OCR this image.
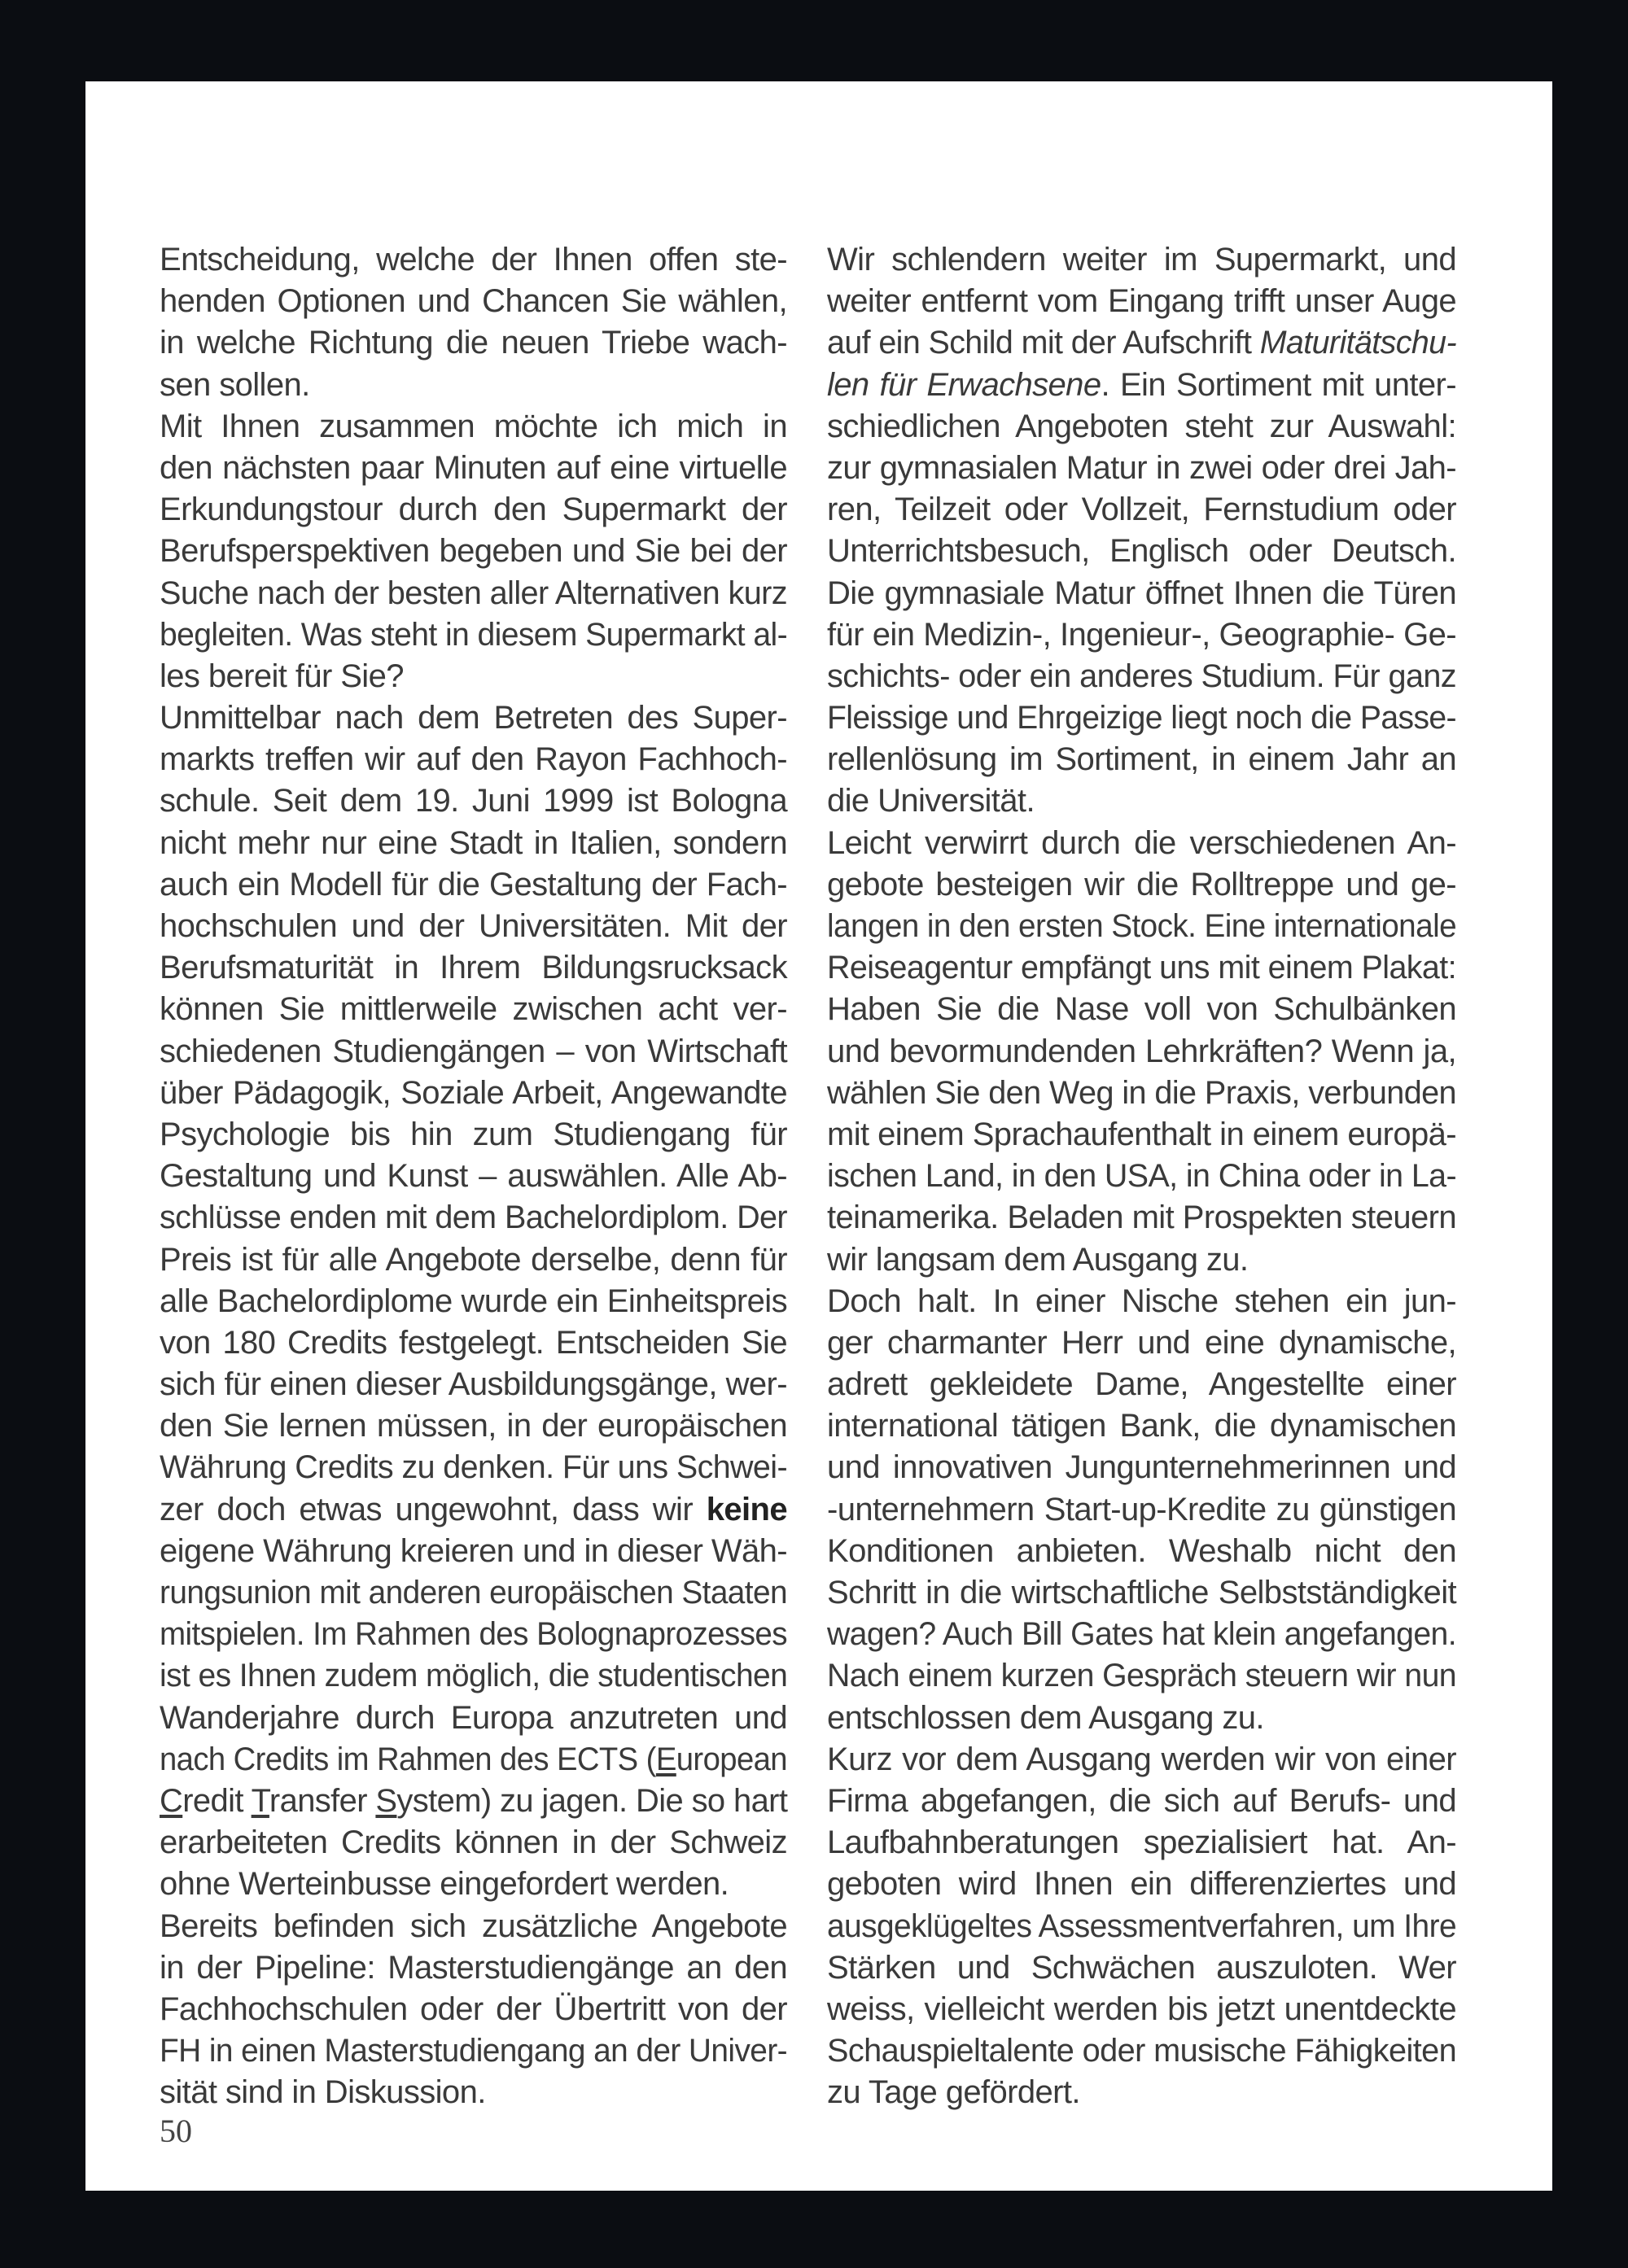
Entscheidung, welche der Ihnen offen ste-
henden Optionen und Chancen Sie wählen,
in welche Richtung die neuen Triebe wach-
sen sollen.
Mit Ihnen zusammen möchte ich mich in
den nächsten paar Minuten auf eine virtuelle
Erkundungstour durch den Supermarkt der
Berufsperspektiven begeben und Sie bei der
Suche nach der besten aller Alternativen kurz
begleiten. Was steht in diesem Supermarkt al-
les bereit für Sie?
Unmittelbar nach dem Betreten des Super-
markts treffen wir auf den Rayon Fachhoch-
schule. Seit dem 19. Juni 1999 ist Bologna
nicht mehr nur eine Stadt in Italien, sondern
auch ein Modell für die Gestaltung der Fach-
hochschulen und der Universitäten. Mit der
Berufsmaturität in Ihrem Bildungsrucksack
können Sie mittlerweile zwischen acht ver-
schiedenen Studiengängen – von Wirtschaft
über Pädagogik, Soziale Arbeit, Angewandte
Psychologie bis hin zum Studiengang für
Gestaltung und Kunst – auswählen. Alle Ab-
schlüsse enden mit dem Bachelordiplom. Der
Preis ist für alle Angebote derselbe, denn für
alle Bachelordiplome wurde ein Einheitspreis
von 180 Credits festgelegt. Entscheiden Sie
sich für einen dieser Ausbildungsgänge, wer-
den Sie lernen müssen, in der europäischen
Währung Credits zu denken. Für uns Schwei-
zer doch etwas ungewohnt, dass wir keine
eigene Währung kreieren und in dieser Wäh-
rungsunion mit anderen europäischen Staaten
mitspielen. Im Rahmen des Bolognaprozesses
ist es Ihnen zudem möglich, die studentischen
Wanderjahre durch Europa anzutreten und
nach Credits im Rahmen des ECTS (European
Credit Transfer System) zu jagen. Die so hart
erarbeiteten Credits können in der Schweiz
ohne Werteinbusse eingefordert werden.
Bereits befinden sich zusätzliche Angebote
in der Pipeline: Masterstudiengänge an den
Fachhochschulen oder der Übertritt von der
FH in einen Masterstudiengang an der Univer-
sität sind in Diskussion.
Wir schlendern weiter im Supermarkt, und
weiter entfernt vom Eingang trifft unser Auge
auf ein Schild mit der Aufschrift Maturitätschu-
len für Erwachsene. Ein Sortiment mit unter-
schiedlichen Angeboten steht zur Auswahl:
zur gymnasialen Matur in zwei oder drei Jah-
ren, Teilzeit oder Vollzeit, Fernstudium oder
Unterrichtsbesuch, Englisch oder Deutsch.
Die gymnasiale Matur öffnet Ihnen die Türen
für ein Medizin-, Ingenieur-, Geographie- Ge-
schichts- oder ein anderes Studium. Für ganz
Fleissige und Ehrgeizige liegt noch die Passe-
rellenlösung im Sortiment, in einem Jahr an
die Universität.
Leicht verwirrt durch die verschiedenen An-
gebote besteigen wir die Rolltreppe und ge-
langen in den ersten Stock. Eine internationale
Reiseagentur empfängt uns mit einem Plakat:
Haben Sie die Nase voll von Schulbänken
und bevormundenden Lehrkräften? Wenn ja,
wählen Sie den Weg in die Praxis, verbunden
mit einem Sprachaufenthalt in einem europä-
ischen Land, in den USA, in China oder in La-
teinamerika. Beladen mit Prospekten steuern
wir langsam dem Ausgang zu.
Doch halt. In einer Nische stehen ein jun-
ger charmanter Herr und eine dynamische,
adrett gekleidete Dame, Angestellte einer
international tätigen Bank, die dynamischen
und innovativen Jungunternehmerinnen und
-unternehmern Start-up-Kredite zu günstigen
Konditionen anbieten. Weshalb nicht den
Schritt in die wirtschaftliche Selbstständigkeit
wagen? Auch Bill Gates hat klein angefangen.
Nach einem kurzen Gespräch steuern wir nun
entschlossen dem Ausgang zu.
Kurz vor dem Ausgang werden wir von einer
Firma abgefangen, die sich auf Berufs- und
Laufbahnberatungen spezialisiert hat. An-
geboten wird Ihnen ein differenziertes und
ausgeklügeltes Assessmentverfahren, um Ihre
Stärken und Schwächen auszuloten. Wer
weiss, vielleicht werden bis jetzt unentdeckte
Schauspieltalente oder musische Fähigkeiten
zu Tage gefördert.
50
